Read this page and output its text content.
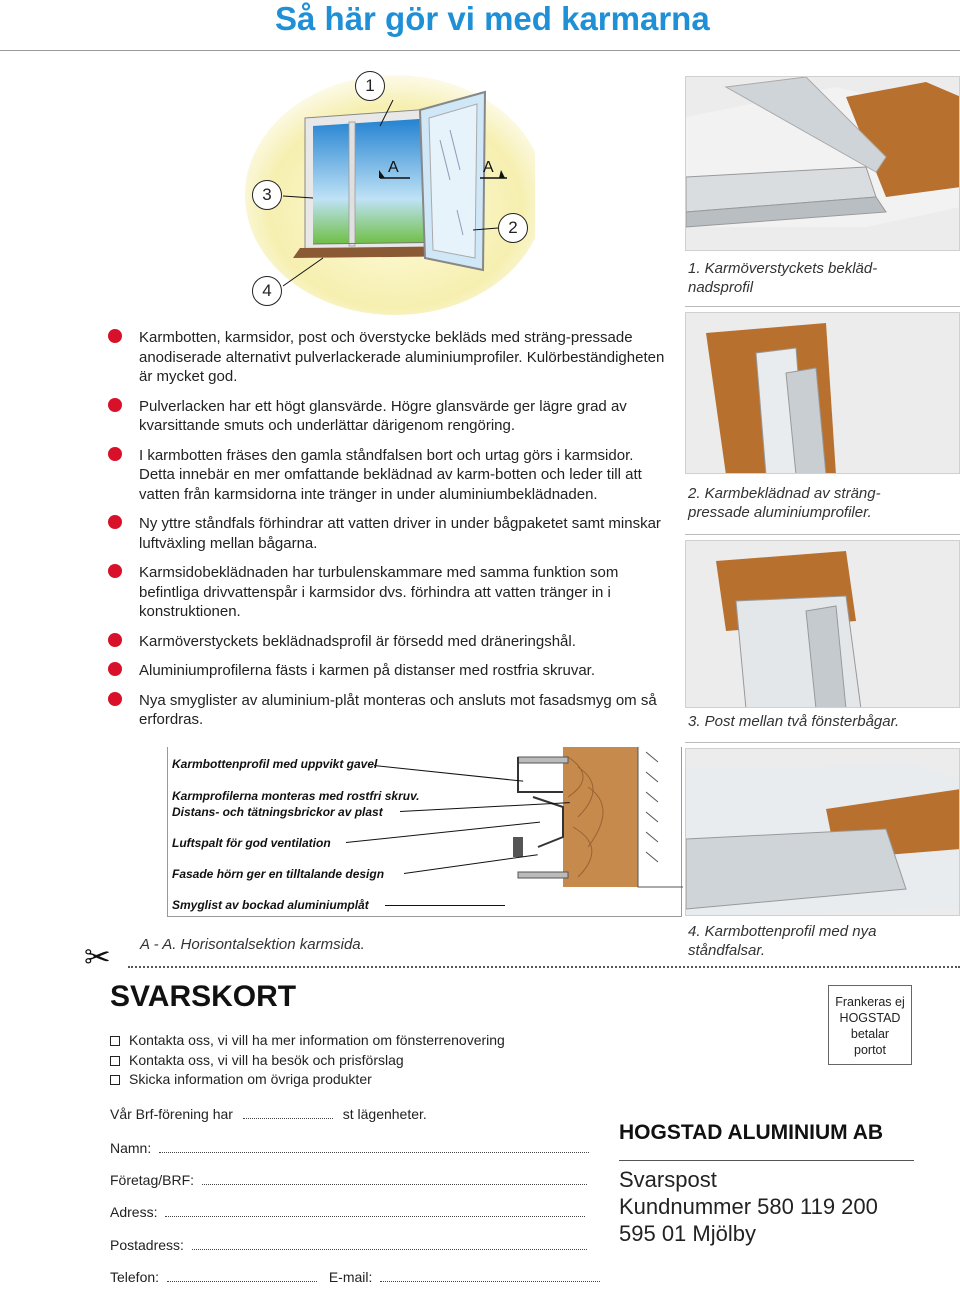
Så här gör vi med karmarna
A	A
1
2
3
4
Karmbotten, karmsidor, post och överstycke bekläds med sträng-pressade anodiserade alternativt pulverlackerade aluminiumprofiler. Kulörbeständigheten är mycket god.
Pulverlacken har ett högt glansvärde. Högre glansvärde ger lägre grad av kvarsittande smuts och underlättar därigenom rengöring.
I karmbotten fräses den gamla ståndfalsen bort och urtag görs i karmsidor. Detta innebär en mer omfattande beklädnad av karm-botten och leder till att vatten från karmsidorna inte tränger in under aluminiumbeklädnaden.
Ny yttre ståndfals förhindrar att vatten driver in under bågpaketet samt minskar luftväxling mellan bågarna.
Karmsidobeklädnaden har turbulenskammare med samma funktion som befintliga drivvattenspår i karmsidor dvs. förhindra att vatten tränger in i konstruktionen.
Karmöverstyckets beklädnadsprofil är försedd med dräneringshål.
Aluminiumprofilerna fästs i karmen på distanser med rostfria skruvar.
Nya smyglister av aluminium-plåt monteras och ansluts mot fasadsmyg om så erfordras.
1. Karmöverstyckets bekläd-
nadsprofil
2. Karmbeklädnad av sträng-
pressade aluminiumprofiler.
3. Post mellan två fönsterbågar.
4. Karmbottenprofil med nya
ståndfalsar.
Karmbottenprofil med uppvikt gavel
Karmprofilerna monteras med rostfri skruv.
Distans- och tätningsbrickor av plast
Luftspalt för god ventilation
Fasade hörn ger en tilltalande design
Smyglist av bockad aluminiumplåt
A - A. Horisontalsektion karmsida.
✂
SVARSKORT
Kontakta oss, vi vill ha mer information om fönsterrenovering
Kontakta oss, vi vill ha besök och prisförslag
Skicka information om övriga produkter
Frankeras ej
HOGSTAD
betalar
portot
Vår Brf-förening har	st lägenheter.
Namn:
Företag/BRF:
Adress:
Postadress:
Telefon:	E-mail:
HOGSTAD ALUMINIUM AB
Svarspost
Kundnummer 580 119 200
595 01 Mjölby
